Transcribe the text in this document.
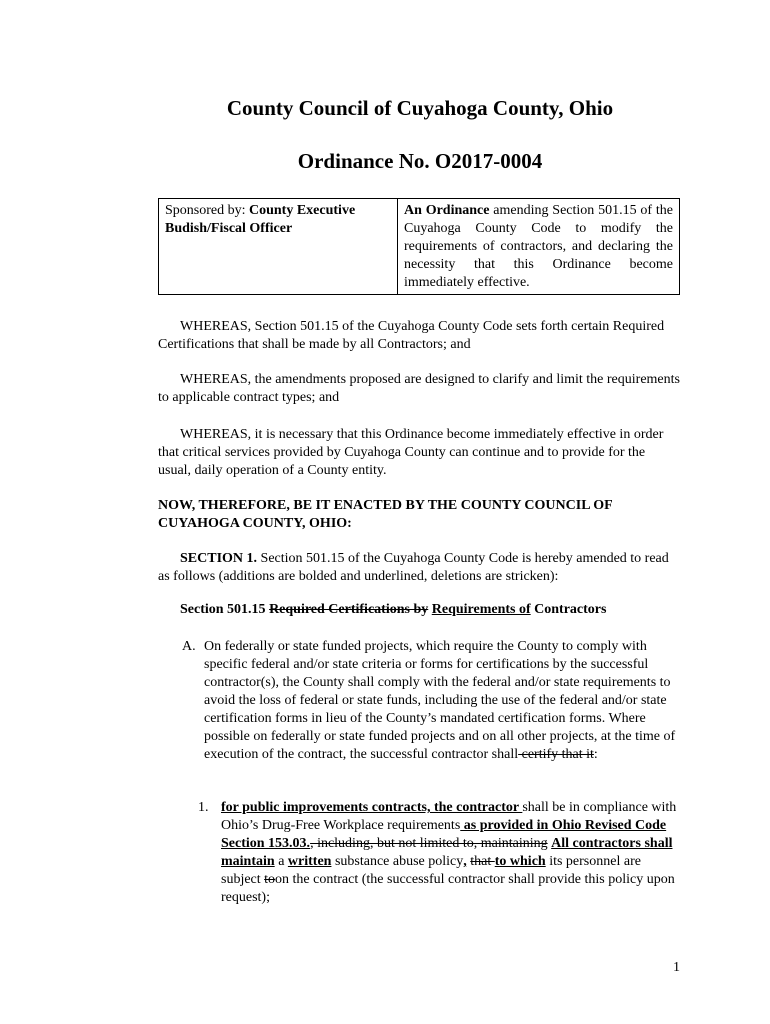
County Council of Cuyahoga County, Ohio
Ordinance No. O2017-0004
Sponsored by: County Executive
Budish/Fiscal Officer	An Ordinance amending Section 501.15 of the Cuyahoga County Code to modify the requirements of contractors, and declaring the necessity that this Ordinance become immediately effective.

WHEREAS, Section 501.15 of the Cuyahoga County Code sets forth certain Required Certifications that shall be made by all Contractors; and

WHEREAS, the amendments proposed are designed to clarify and limit the requirements to applicable contract types; and

WHEREAS, it is necessary that this Ordinance become immediately effective in order that critical services provided by Cuyahoga County can continue and to provide for the usual, daily operation of a County entity.

NOW, THEREFORE, BE IT ENACTED BY THE COUNTY COUNCIL OF CUYAHOGA COUNTY, OHIO:

SECTION 1. Section 501.15 of the Cuyahoga County Code is hereby amended to read as follows (additions are bolded and underlined, deletions are stricken):

Section 501.15 Required Certifications by Requirements of Contractors

A. On federally or state funded projects, which require the County to comply with specific federal and/or state criteria or forms for certifications by the successful contractor(s), the County shall comply with the federal and/or state requirements to avoid the loss of federal or state funds, including the use of the federal and/or state certification forms in lieu of the County’s mandated certification forms. Where possible on federally or state funded projects and on all other projects, at the time of execution of the contract, the successful contractor shall certify that it:
1. for public improvements contracts, the contractor shall be in compliance with Ohio’s Drug-Free Workplace requirements as provided in Ohio Revised Code Section 153.03., including, but not limited to, maintaining All contractors shall maintain a written substance abuse policy, that to which its personnel are subject toon the contract (the successful contractor shall provide this policy upon request);
1
